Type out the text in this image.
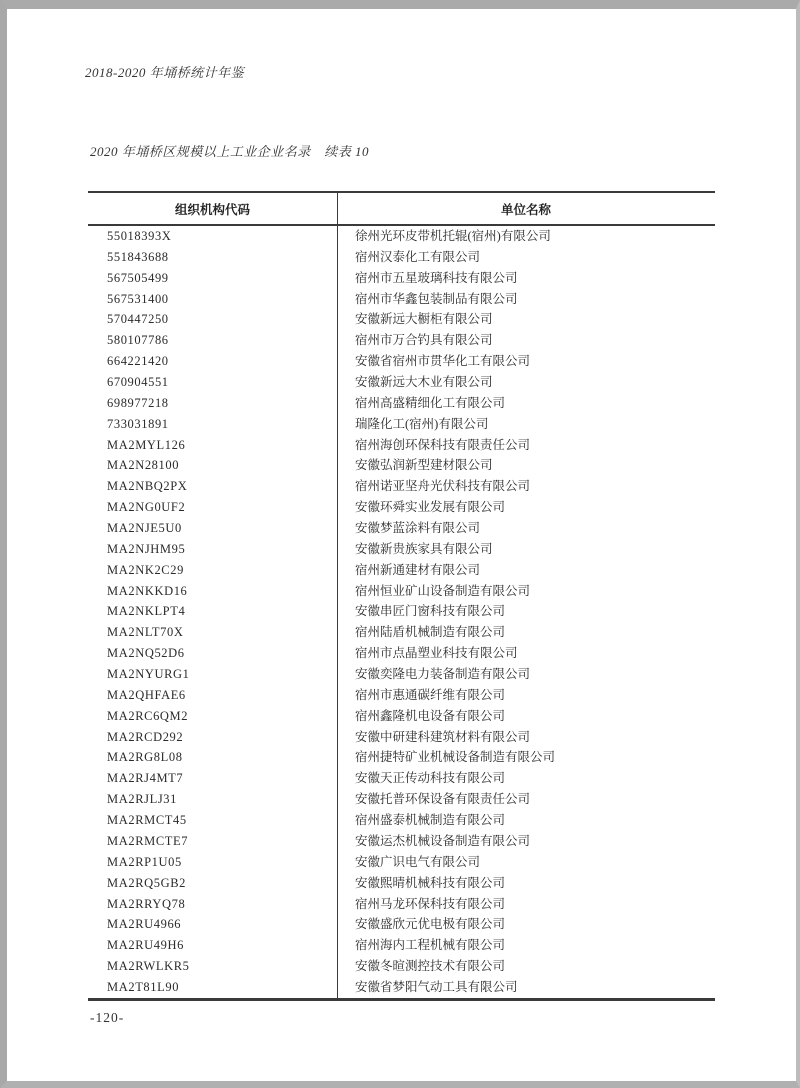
2018-2020 年埇桥统计年鉴
2020 年埇桥区规模以上工业企业名录　续表 10
组织机构代码	单位名称
55018393X	徐州光环皮带机托辊(宿州)有限公司
551843688	宿州汉泰化工有限公司
567505499	宿州市五星玻璃科技有限公司
567531400	宿州市华鑫包装制品有限公司
570447250	安徽新远大橱柜有限公司
580107786	宿州市万合钓具有限公司
664221420	安徽省宿州市贯华化工有限公司
670904551	安徽新远大木业有限公司
698977218	宿州高盛精细化工有限公司
733031891	瑞隆化工(宿州)有限公司
MA2MYL126	宿州海创环保科技有限责任公司
MA2N28100	安徽弘润新型建材限公司
MA2NBQ2PX	宿州诺亚坚舟光伏科技有限公司
MA2NG0UF2	安徽环舜实业发展有限公司
MA2NJE5U0	安徽梦蓝涂料有限公司
MA2NJHM95	安徽新贵族家具有限公司
MA2NK2C29	宿州新通建材有限公司
MA2NKKD16	宿州恒业矿山设备制造有限公司
MA2NKLPT4	安徽串匠门窗科技有限公司
MA2NLT70X	宿州陆盾机械制造有限公司
MA2NQ52D6	宿州市点晶塑业科技有限公司
MA2NYURG1	安徽奕隆电力装备制造有限公司
MA2QHFAE6	宿州市惠通碳纤维有限公司
MA2RC6QM2	宿州鑫隆机电设备有限公司
MA2RCD292	安徽中研建科建筑材料有限公司
MA2RG8L08	宿州捷特矿业机械设备制造有限公司
MA2RJ4MT7	安徽天正传动科技有限公司
MA2RJLJ31	安徽托普环保设备有限责任公司
MA2RMCT45	宿州盛泰机械制造有限公司
MA2RMCTE7	安徽运杰机械设备制造有限公司
MA2RP1U05	安徽广识电气有限公司
MA2RQ5GB2	安徽熙晴机械科技有限公司
MA2RRYQ78	宿州马龙环保科技有限公司
MA2RU4966	安徽盛欣元优电极有限公司
MA2RU49H6	宿州海内工程机械有限公司
MA2RWLKR5	安徽冬暄测控技术有限公司
MA2T81L90	安徽省梦阳气动工具有限公司
-120-
